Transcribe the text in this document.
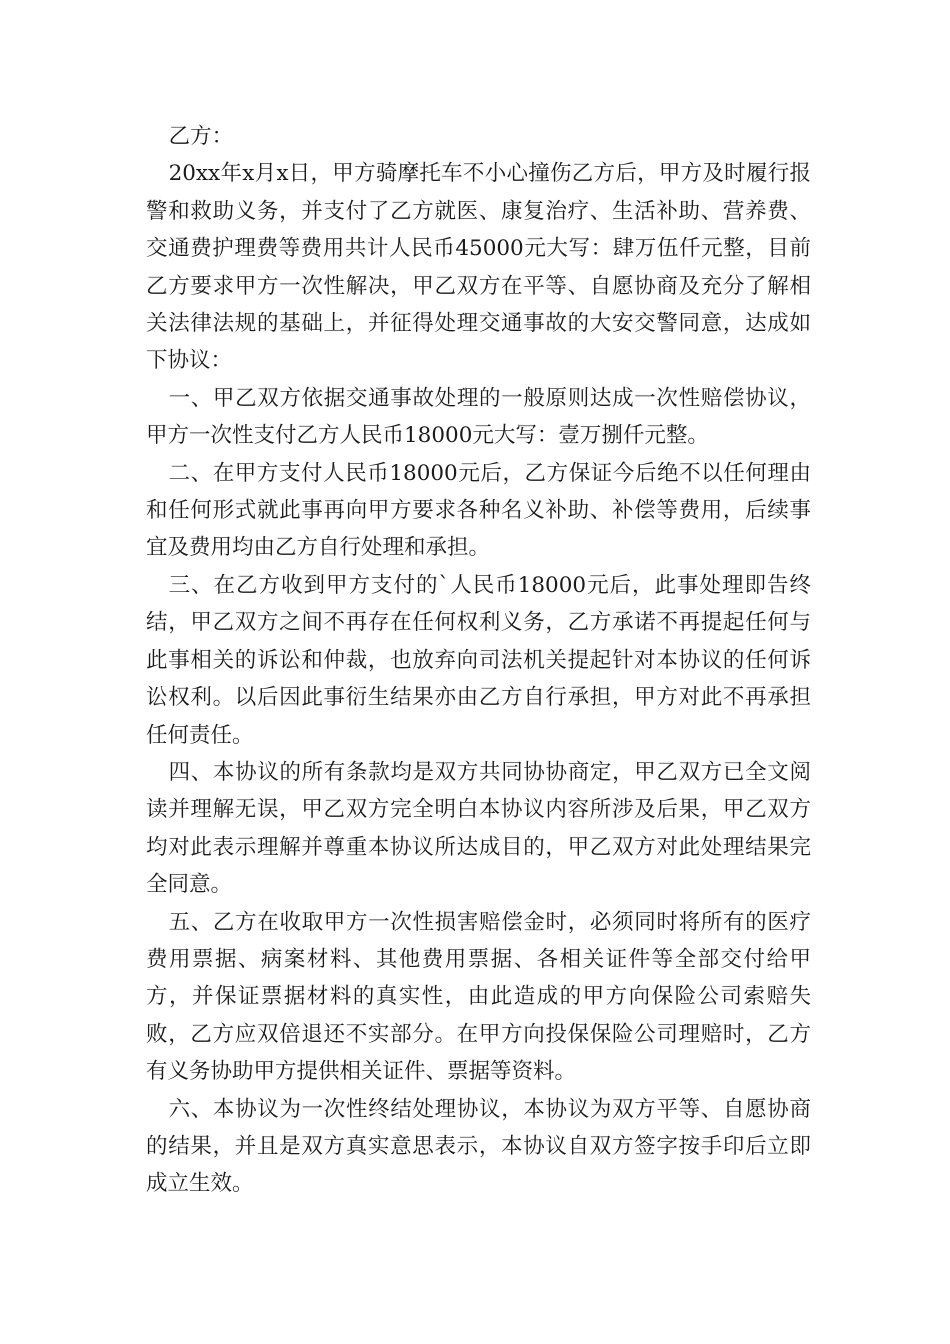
乙方：

20xx年x月x日，甲方骑摩托车不小心撞伤乙方后，甲方及时履行报警和救助义务，并支付了乙方就医、康复治疗、生活补助、营养费、交通费护理费等费用共计人民币45000元大写：肆万伍仟元整，目前乙方要求甲方一次性解决，甲乙双方在平等、自愿协商及充分了解相关法律法规的基础上，并征得处理交通事故的大安交警同意，达成如下协议：

一、甲乙双方依据交通事故处理的一般原则达成一次性赔偿协议，甲方一次性支付乙方人民币18000元大写：壹万捌仟元整。

二、在甲方支付人民币18000元后，乙方保证今后绝不以任何理由和任何形式就此事再向甲方要求各种名义补助、补偿等费用，后续事宜及费用均由乙方自行处理和承担。

三、在乙方收到甲方支付的`人民币18000元后，此事处理即告终结，甲乙双方之间不再存在任何权利义务，乙方承诺不再提起任何与此事相关的诉讼和仲裁，也放弃向司法机关提起针对本协议的任何诉讼权利。以后因此事衍生结果亦由乙方自行承担，甲方对此不再承担任何责任。

四、本协议的所有条款均是双方共同协协商定，甲乙双方已全文阅读并理解无误，甲乙双方完全明白本协议内容所涉及后果，甲乙双方均对此表示理解并尊重本协议所达成目的，甲乙双方对此处理结果完全同意。

五、乙方在收取甲方一次性损害赔偿金时，必须同时将所有的医疗费用票据、病案材料、其他费用票据、各相关证件等全部交付给甲方，并保证票据材料的真实性，由此造成的甲方向保险公司索赔失败，乙方应双倍退还不实部分。在甲方向投保保险公司理赔时，乙方有义务协助甲方提供相关证件、票据等资料。

六、本协议为一次性终结处理协议，本协议为双方平等、自愿协商的结果，并且是双方真实意思表示，本协议自双方签字按手印后立即成立生效。
